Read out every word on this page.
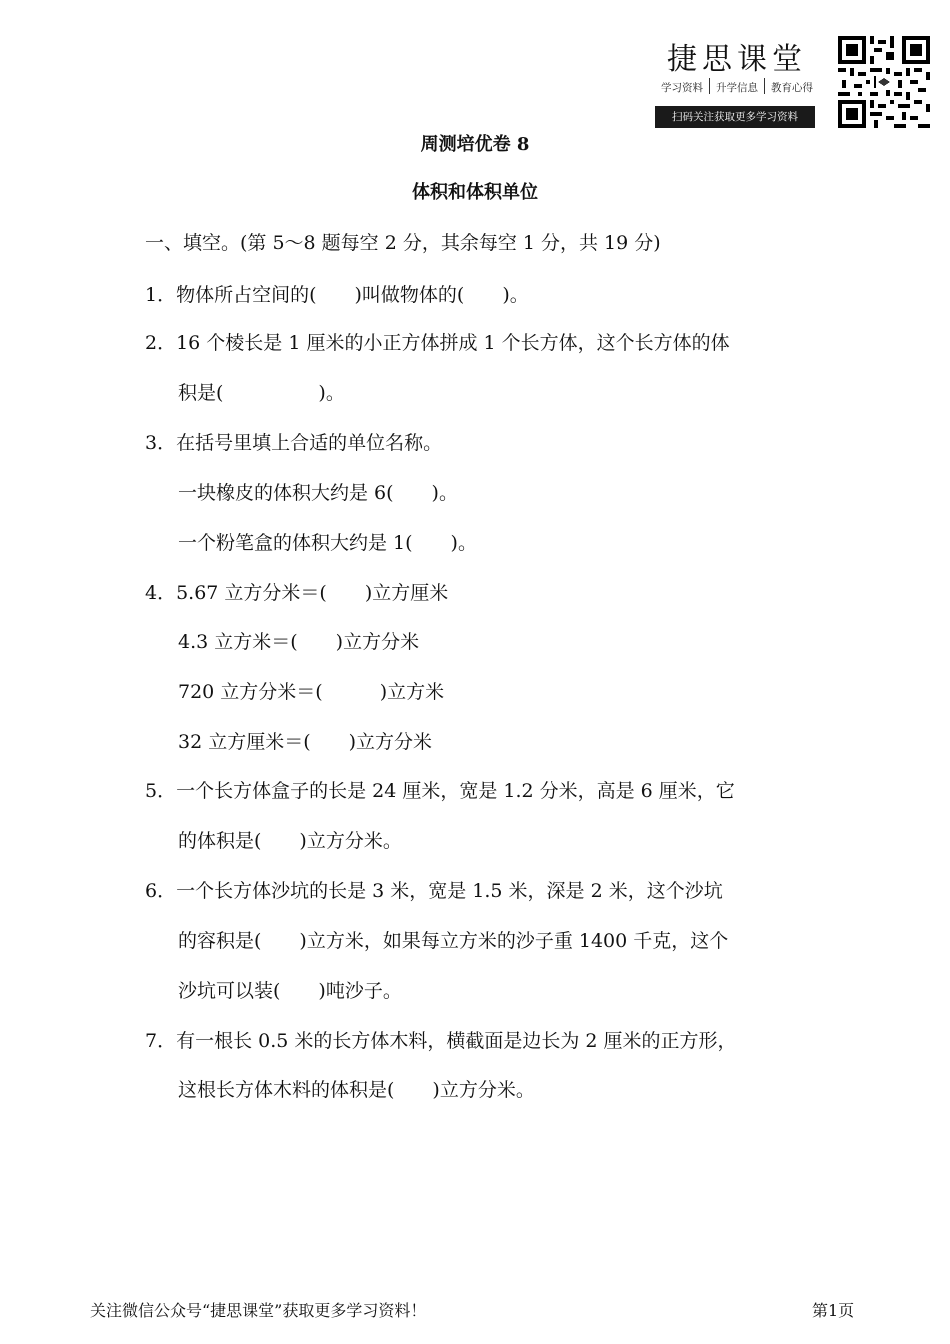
捷思课堂
学习资料	升学信息	教育心得
扫码关注获取更多学习资料
周测培优卷 8
体积和体积单位
一、填空。(第 5～8 题每空 2 分，其余每空 1 分，共 19 分)
1．物体所占空间的(　　)叫做物体的(　　)。
2．16 个棱长是 1 厘米的小正方体拼成 1 个长方体，这个长方体的体
积是(　　　　　)。
3．在括号里填上合适的单位名称。
一块橡皮的体积大约是 6(　　)。
一个粉笔盒的体积大约是 1(　　)。
4．5.67 立方分米＝(　　)立方厘米
4.3 立方米＝(　　)立方分米
720 立方分米＝(　　　)立方米
32 立方厘米＝(　　)立方分米
5．一个长方体盒子的长是 24 厘米，宽是 1.2 分米，高是 6 厘米，它
的体积是(　　)立方分米。
6．一个长方体沙坑的长是 3 米，宽是 1.5 米，深是 2 米，这个沙坑
的容积是(　　)立方米，如果每立方米的沙子重 1400 千克，这个
沙坑可以装(　　)吨沙子。
7．有一根长 0.5 米的长方体木料，横截面是边长为 2 厘米的正方形，
这根长方体木料的体积是(　　)立方分米。
关注微信公众号“捷思课堂”获取更多学习资料！	第1页
